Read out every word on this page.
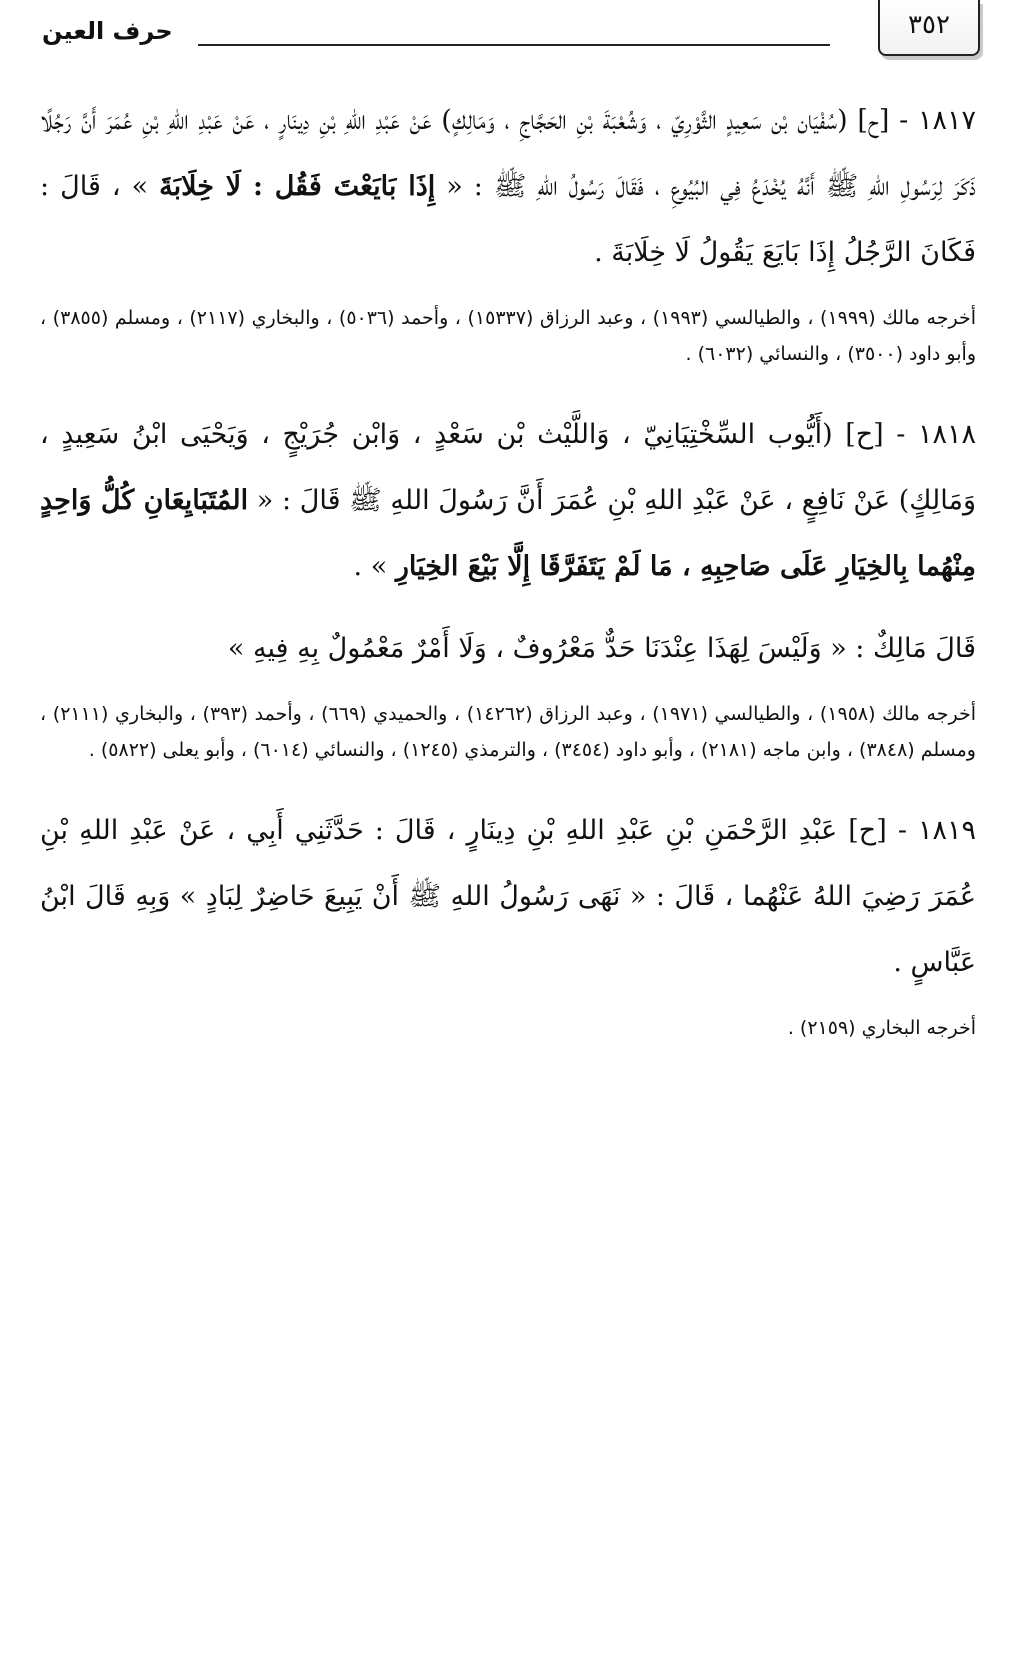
٣٥٢
حرف العين

١٨١٧ - [ح] (سُفْيَان بْن سَعِيدٍ الثَّوْرِيّ ، وَشُعْبَةَ بْنِ الحَجَّاجِ ، وَمَالِكٍ) عَنْ عَبْدِ اللهِ بْنِ دِينَارٍ ، عَنْ عَبْدِ اللهِ بْنِ عُمَرَ أَنَّ رَجُلًا ذَكَرَ لِرَسُولِ اللهِ ﷺ أَنَّهُ يُخْدَعُ فِي البُيُوعِ ، فَقَالَ رَسُولُ اللهِ ﷺ : « إِذَا بَايَعْتَ فَقُل : لَا خِلَابَةَ » ، قَالَ : فَكَانَ الرَّجُلُ إِذَا بَايَعَ يَقُولُ لَا خِلَابَةَ .

أخرجه مالك (١٩٩٩) ، والطيالسي (١٩٩٣) ، وعبد الرزاق (١٥٣٣٧) ، وأحمد (٥٠٣٦) ، والبخاري (٢١١٧) ، ومسلم (٣٨٥٥) ، وأبو داود (٣٥٠٠) ، والنسائي (٦٠٣٢) .

١٨١٨ - [ح] (أَيُّوب السِّخْتِيَانِيّ ، وَاللَّيْث بْن سَعْدٍ ، وَابْن جُرَيْجٍ ، وَيَحْيَى ابْنُ سَعِيدٍ ، وَمَالِكٍ) عَنْ نَافِعٍ ، عَنْ عَبْدِ اللهِ بْنِ عُمَرَ أَنَّ رَسُولَ اللهِ ﷺ قَالَ : « المُتَبَايِعَانِ كُلُّ وَاحِدٍ مِنْهُما بِالخِيَارِ عَلَى صَاحِبِهِ ، مَا لَمْ يَتَفَرَّقَا إِلَّا بَيْعَ الخِيَارِ » .

قَالَ مَالِكٌ : « وَلَيْسَ لِهَذَا عِنْدَنَا حَدٌّ مَعْرُوفٌ ، وَلَا أَمْرٌ مَعْمُولٌ بِهِ فِيهِ »

أخرجه مالك (١٩٥٨) ، والطيالسي (١٩٧١) ، وعبد الرزاق (١٤٢٦٢) ، والحميدي (٦٦٩) ، وأحمد (٣٩٣) ، والبخاري (٢١١١) ، ومسلم (٣٨٤٨) ، وابن ماجه (٢١٨١) ، وأبو داود (٣٤٥٤) ، والترمذي (١٢٤٥) ، والنسائي (٦٠١٤) ، وأبو يعلى (٥٨٢٢) .

١٨١٩ - [ح] عَبْدِ الرَّحْمَنِ بْنِ عَبْدِ اللهِ بْنِ دِينَارٍ ، قَالَ : حَدَّثَنِي أَبِي ، عَنْ عَبْدِ اللهِ بْنِ عُمَرَ رَضِيَ اللهُ عَنْهُما ، قَالَ : « نَهَى رَسُولُ اللهِ ﷺ أَنْ يَبِيعَ حَاضِرٌ لِبَادٍ » وَبِهِ قَالَ ابْنُ عَبَّاسٍ .

أخرجه البخاري (٢١٥٩) .
